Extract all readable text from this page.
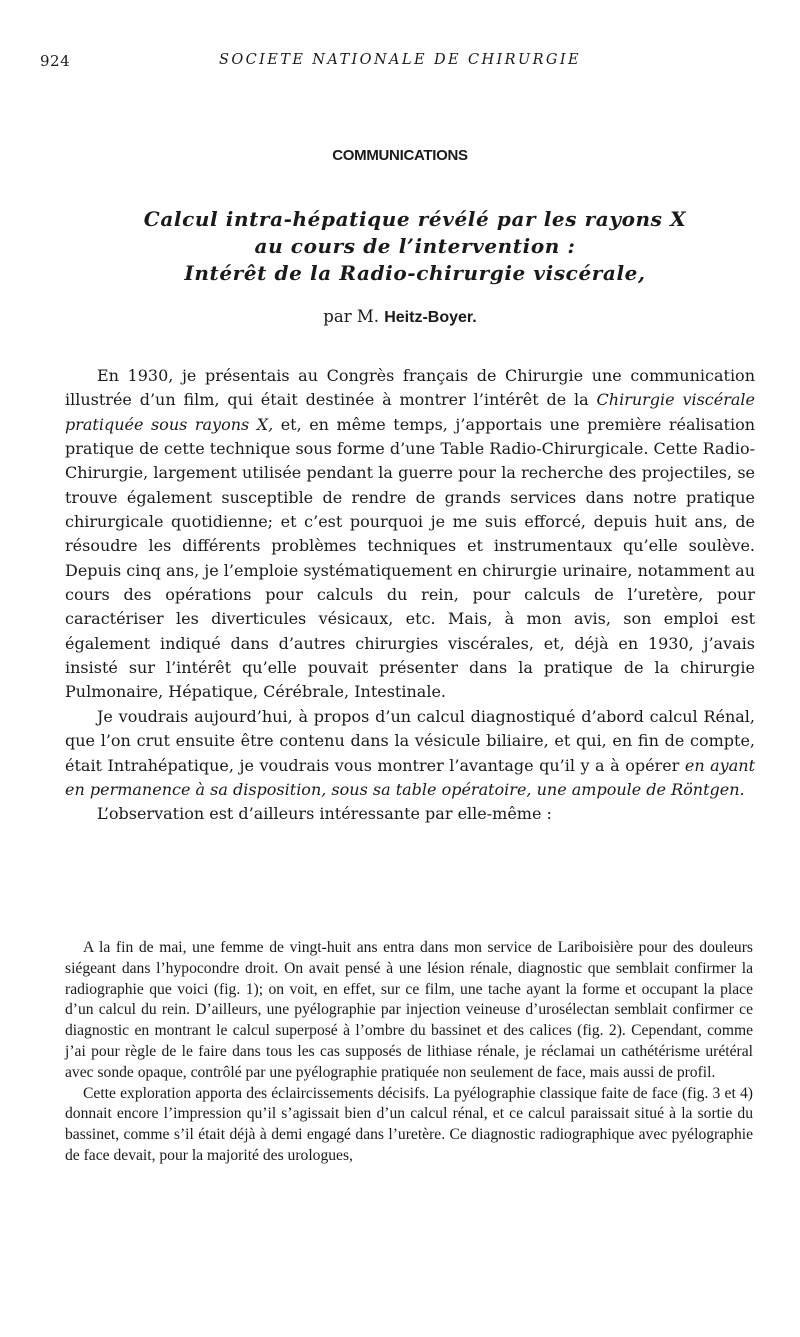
924	SOCIETE NATIONALE DE CHIRURGIE
COMMUNICATIONS
Calcul intra-hépatique révélé par les rayons X
au cours de l’intervention :
Intérêt de la Radio-chirurgie viscérale,
par M. Heitz-Boyer.

En 1930, je présentais au Congrès français de Chirurgie une communication illustrée d’un film, qui était destinée à montrer l’intérêt de la Chirurgie viscérale pratiquée sous rayons X, et, en même temps, j’apportais une première réalisation pratique de cette technique sous forme d’une Table Radio-Chirurgicale. Cette Radio-Chirurgie, largement utilisée pendant la guerre pour la recherche des projectiles, se trouve également susceptible de rendre de grands services dans notre pratique chirurgicale quotidienne; et c’est pourquoi je me suis efforcé, depuis huit ans, de résoudre les différents problèmes techniques et instrumentaux qu’elle soulève. Depuis cinq ans, je l’emploie systématiquement en chirurgie urinaire, notamment au cours des opérations pour calculs du rein, pour calculs de l’uretère, pour caractériser les diverticules vésicaux, etc. Mais, à mon avis, son emploi est également indiqué dans d’autres chirurgies viscérales, et, déjà en 1930, j’avais insisté sur l’intérêt qu’elle pouvait présenter dans la pratique de la chirurgie Pulmonaire, Hépatique, Cérébrale, Intestinale.

Je voudrais aujourd’hui, à propos d’un calcul diagnostiqué d’abord calcul Rénal, que l’on crut ensuite être contenu dans la vésicule biliaire, et qui, en fin de compte, était Intrahépatique, je voudrais vous montrer l’avantage qu’il y a à opérer en ayant en permanence à sa disposition, sous sa table opératoire, une ampoule de Röntgen.

L’observation est d’ailleurs intéressante par elle-même :

A la fin de mai, une femme de vingt-huit ans entra dans mon service de Lariboisière pour des douleurs siégeant dans l’hypocondre droit. On avait pensé à une lésion rénale, diagnostic que semblait confirmer la radiographie que voici (fig. 1); on voit, en effet, sur ce film, une tache ayant la forme et occupant la place d’un calcul du rein. D’ailleurs, une pyélographie par injection veineuse d’urosélectan semblait confirmer ce diagnostic en montrant le calcul superposé à l’ombre du bassinet et des calices (fig. 2). Cependant, comme j’ai pour règle de le faire dans tous les cas supposés de lithiase rénale, je réclamai un cathétérisme urétéral avec sonde opaque, contrôlé par une pyélographie pratiquée non seulement de face, mais aussi de profil.

Cette exploration apporta des éclaircissements décisifs. La pyélographie classique faite de face (fig. 3 et 4) donnait encore l’impression qu’il s’agissait bien d’un calcul rénal, et ce calcul paraissait situé à la sortie du bassinet, comme s’il était déjà à demi engagé dans l’uretère. Ce diagnostic radiographique avec pyélographie de face devait, pour la majorité des urologues,
